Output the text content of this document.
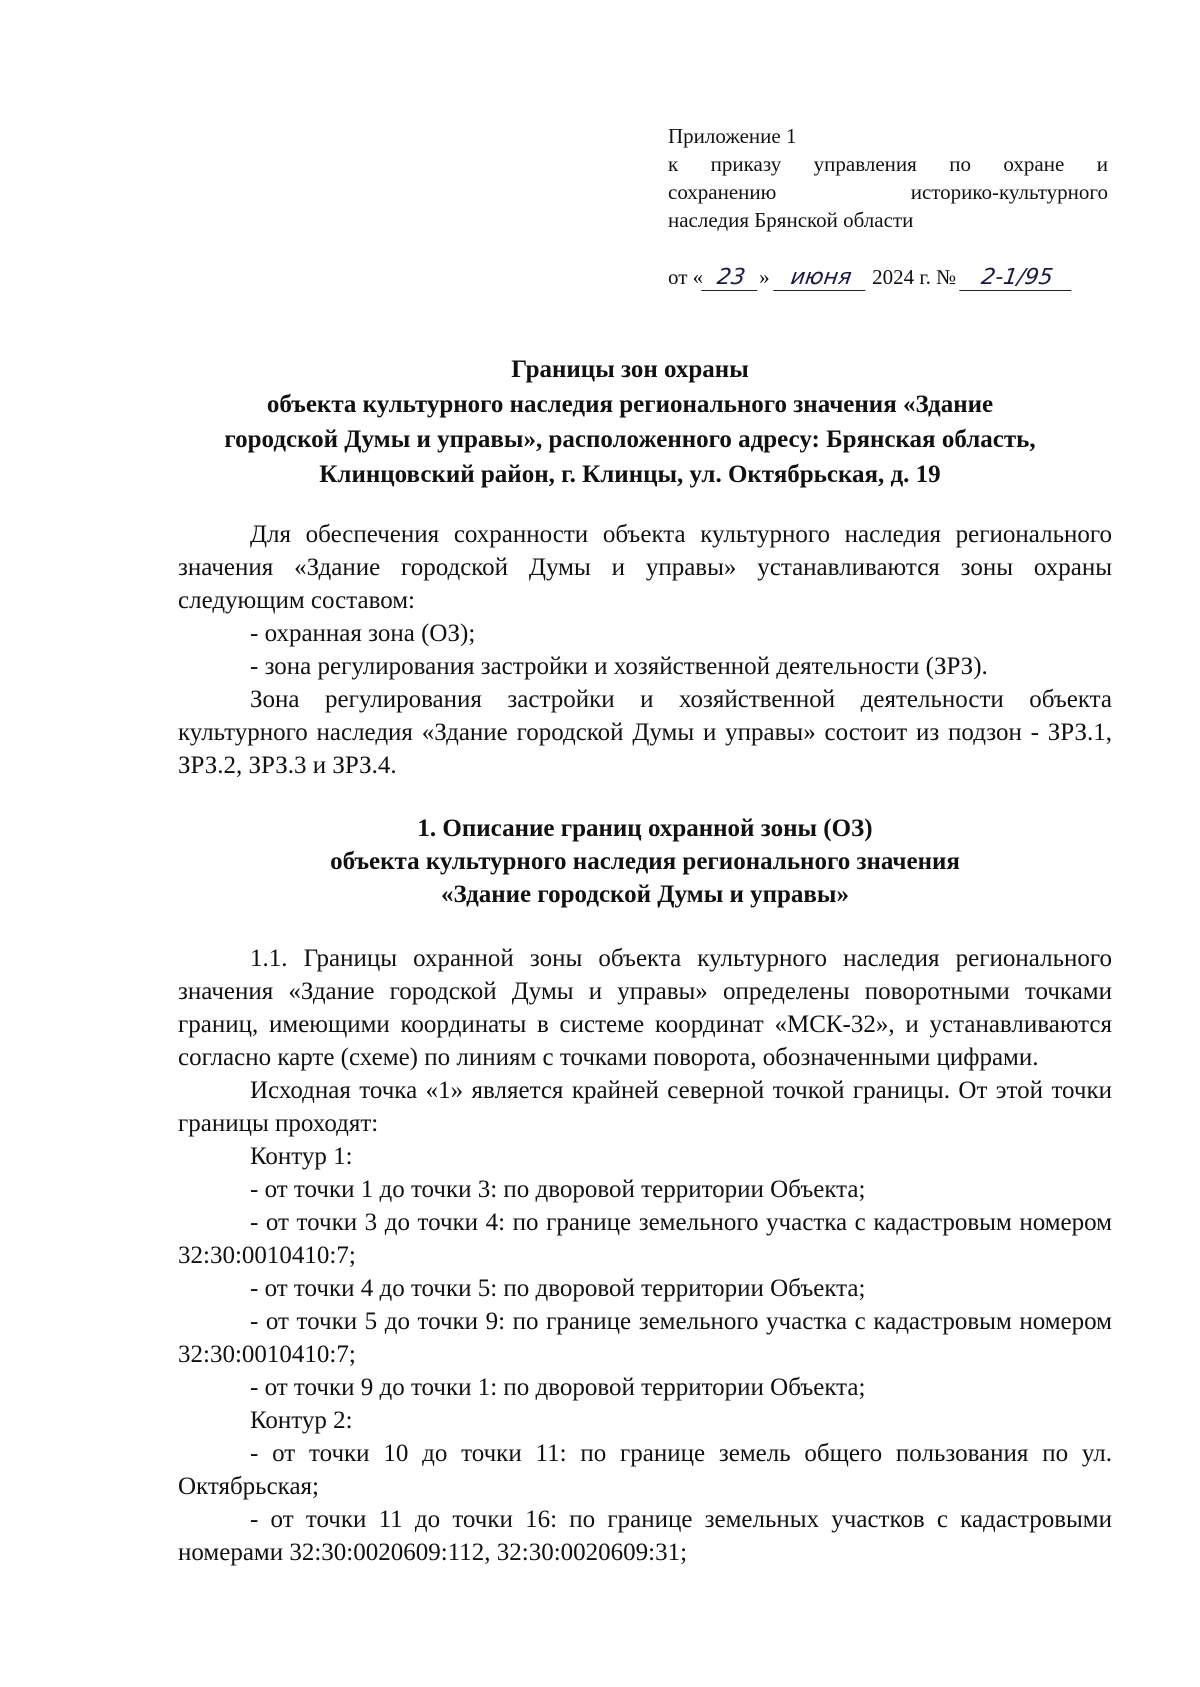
Приложение 1
к приказу управления по охране и
сохранению историко-культурного
наследия Брянской области
от « 23 » июня 2024 г. № 2-1/95
Границы зон охраны
объекта культурного наследия регионального значения «Здание
городской Думы и управы», расположенного адресу: Брянская область,
Клинцовский район, г. Клинцы, ул. Октябрьская, д. 19

Для обеспечения сохранности объекта культурного наследия регионального значения «Здание городской Думы и управы» устанавливаются зоны охраны следующим составом:

- охранная зона (ОЗ);

- зона регулирования застройки и хозяйственной деятельности (ЗРЗ).

Зона регулирования застройки и хозяйственной деятельности объекта культурного наследия «Здание городской Думы и управы» состоит из подзон - ЗРЗ.1, ЗРЗ.2, ЗРЗ.3 и ЗРЗ.4.

1. Описание границ охранной зоны (ОЗ)
объекта культурного наследия регионального значения
«Здание городской Думы и управы»

1.1. Границы охранной зоны объекта культурного наследия регионального значения «Здание городской Думы и управы» определены поворотными точками границ, имеющими координаты в системе координат «МСК-32», и устанавливаются согласно карте (схеме) по линиям с точками поворота, обозначенными цифрами.

Исходная точка «1» является крайней северной точкой границы. От этой точки границы проходят:

Контур 1:

- от точки 1 до точки 3: по дворовой территории Объекта;

- от точки 3 до точки 4: по границе земельного участка с кадастровым номером 32:30:0010410:7;

- от точки 4 до точки 5: по дворовой территории Объекта;

- от точки 5 до точки 9: по границе земельного участка с кадастровым номером 32:30:0010410:7;

- от точки 9 до точки 1: по дворовой территории Объекта;

Контур 2:

- от точки 10 до точки 11: по границе земель общего пользования по ул. Октябрьская;

- от точки 11 до точки 16: по границе земельных участков с кадастровыми номерами 32:30:0020609:112, 32:30:0020609:31;
